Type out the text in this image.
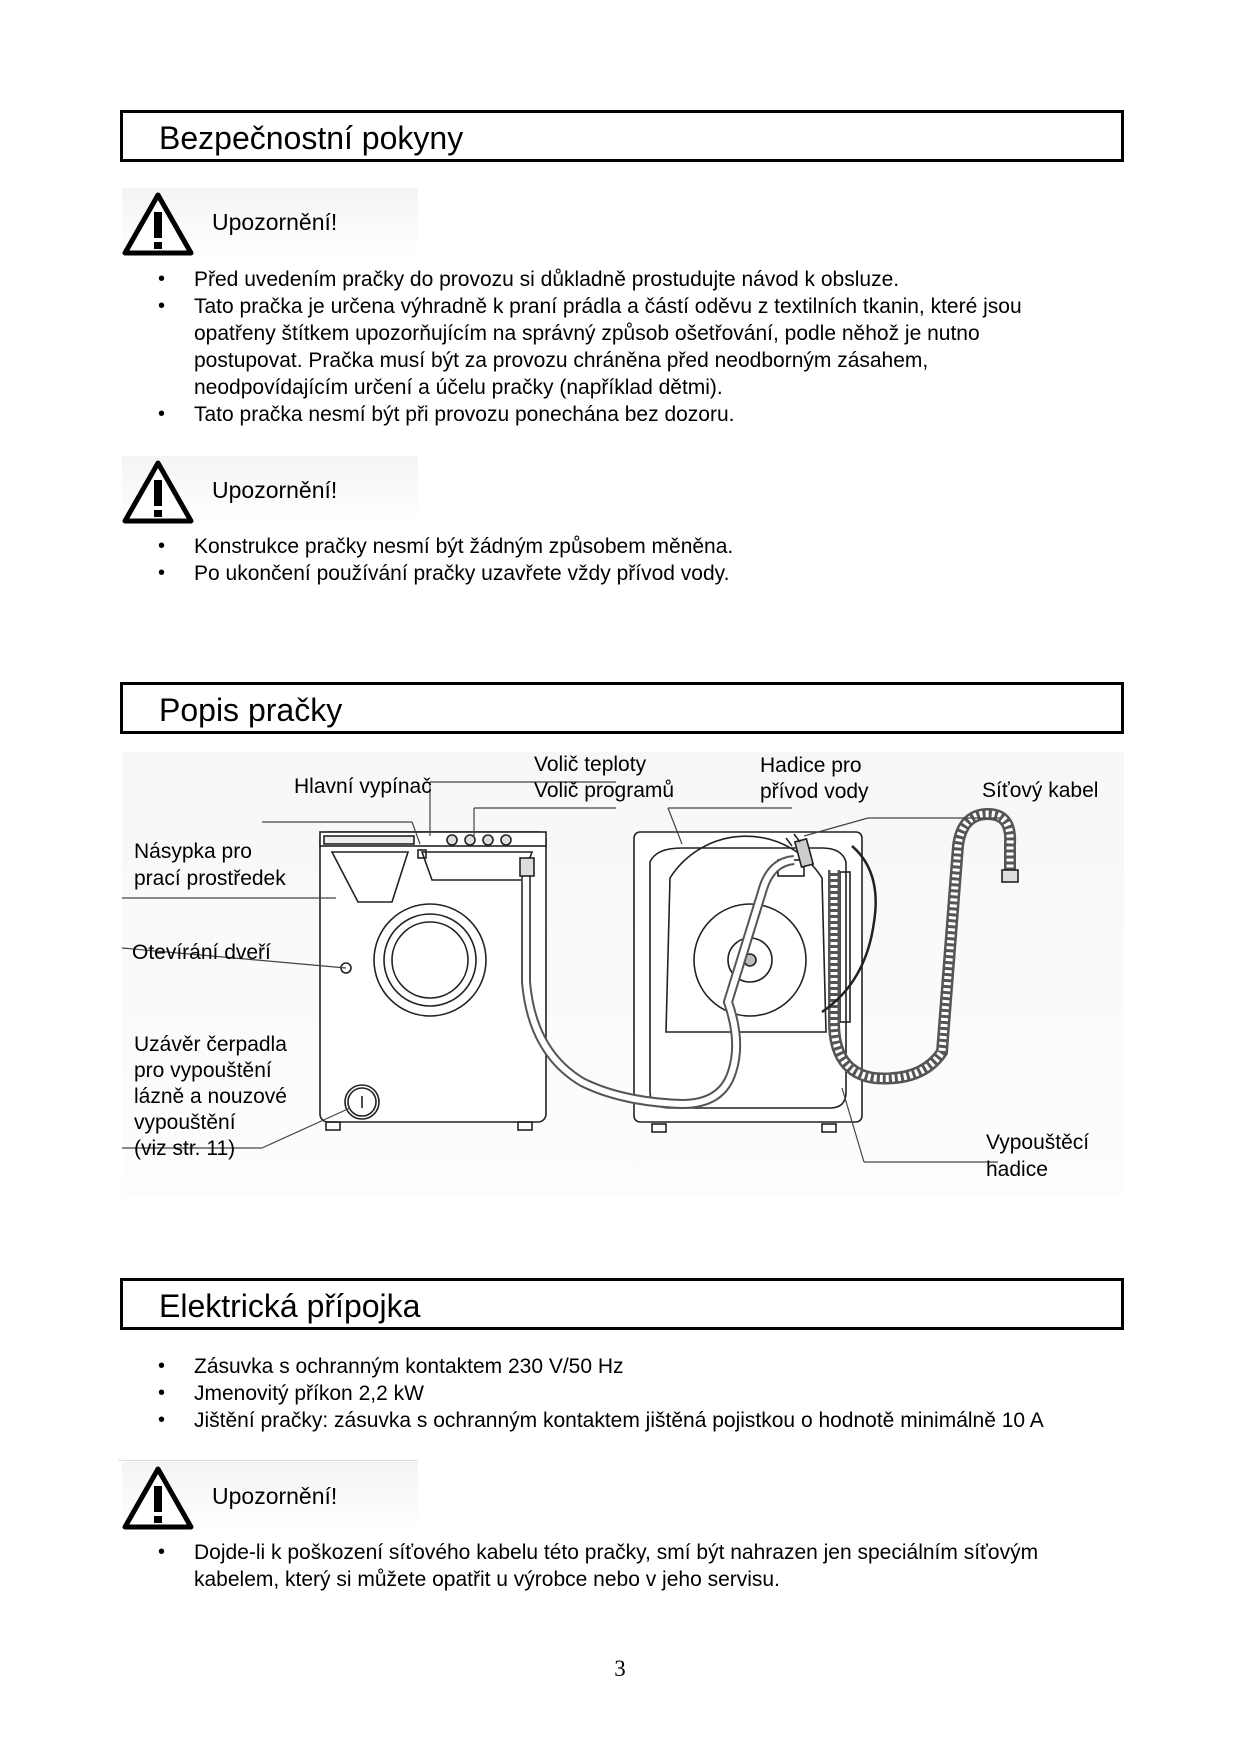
Bezpečnostní pokyny
Upozornění!
• Před uvedením pračky do provozu si důkladně prostudujte návod k obsluze.
• Tato pračka je určena výhradně k praní prádla a částí oděvu z textilních tkanin, které jsou opatřeny štítkem upozorňujícím na správný způsob ošetřování, podle něhož je nutno postupovat. Pračka musí být za provozu chráněna před neodborným zásahem, neodpovídajícím určení a účelu pračky (například dětmi).
• Tato pračka nesmí být při provozu ponechána bez dozoru.
Upozornění!
• Konstrukce pračky nesmí být žádným způsobem měněna.
• Po ukončení používání pračky uzavřete vždy přívod vody.
Popis pračky
Hlavní vypínač
Volič teploty
Volič programů
Hadice pro
přívod vody	Síťový kabel
Násypka pro
prací prostředek
Otevírání dveří
Uzávěr čerpadla
pro vypouštění
lázně a nouzové
vypouštění
(viz str. 11)	Vypouštěcí
hadice
Elektrická přípojka
• Zásuvka s ochranným kontaktem 230 V/50 Hz
• Jmenovitý příkon 2,2 kW
• Jištění pračky: zásuvka s ochranným kontaktem jištěná pojistkou o hodnotě minimálně 10 A
Upozornění!
• Dojde-li k poškození síťového kabelu této pračky, smí být nahrazen jen speciálním síťovým kabelem, který si můžete opatřit u výrobce nebo v jeho servisu.
3
